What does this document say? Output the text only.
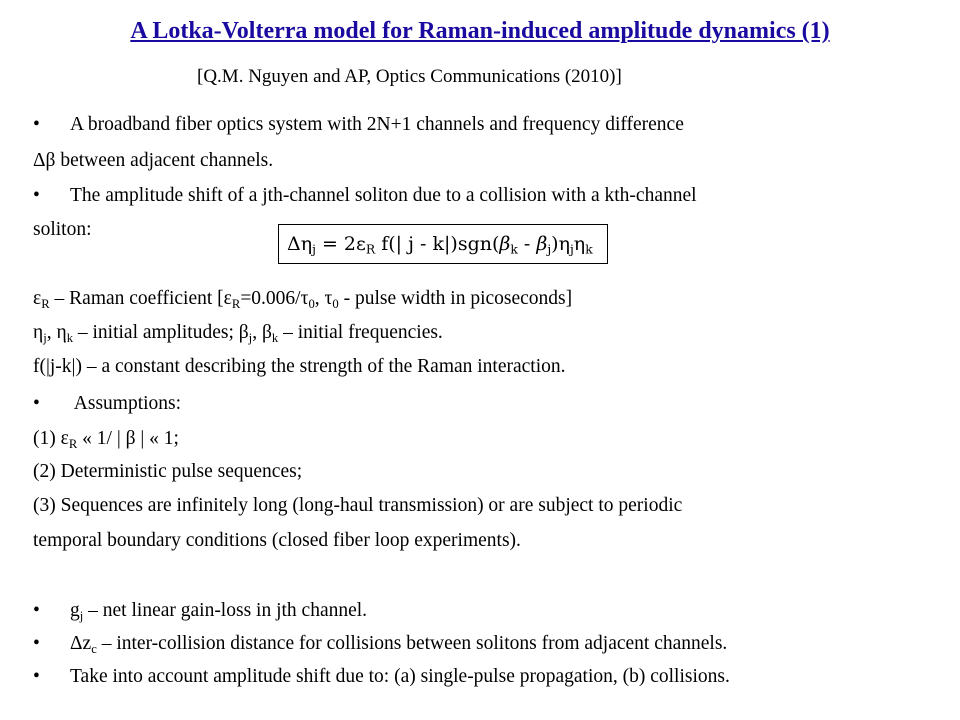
A Lotka-Volterra model for Raman-induced amplitude dynamics (1)
[Q.M. Nguyen and AP, Optics Communications (2010)]
• A broadband fiber optics system with 2N+1 channels and frequency difference
Δβ between adjacent channels.
• The amplitude shift of a jth-channel soliton due to a collision with a kth-channel
soliton:
$\Delta\eta_j = 2\varepsilon_R$ f(| j - $k|)sgn(\beta_k - \beta_j)\eta_j\eta_k$
$\varepsilon_R$ – Raman coefficient [$\varepsilon_R=0.006/\tau_0$, $\tau_0$ - pulse width in picoseconds]
$\eta_j$, $\eta_k$ – initial amplitudes; $\beta_j$, $\beta_k$ – initial frequencies.
f(|j-k|) – a constant describing the strength of the Raman interaction.
• Assumptions:
(1) $\varepsilon_R$ « 1/ | β | « 1;
(2) Deterministic pulse sequences;
(3) Sequences are infinitely long (long-haul transmission) or are subject to periodic
temporal boundary conditions (closed fiber loop experiments).
• $g_j$ – net linear gain-loss in jth channel.
• $\Delta z_c$ – inter-collision distance for collisions between solitons from adjacent channels.
• Take into account amplitude shift due to: (a) single-pulse propagation, (b) collisions.
